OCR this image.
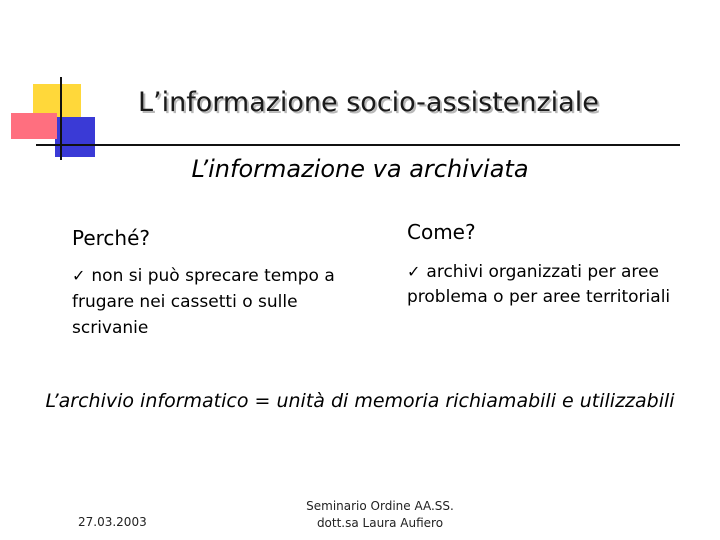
L’informazione socio-assistenziale
L’informazione va archiviata
Perché?
✓ non si può sprecare tempo a frugare nei cassetti o sulle scrivanie
Come?
✓ archivi organizzati per aree problema o per aree territoriali
L’archivio informatico = unità di memoria richiamabili e utilizzabili
27.03.2003
Seminario Ordine AA.SS.
dott.sa Laura Aufiero
